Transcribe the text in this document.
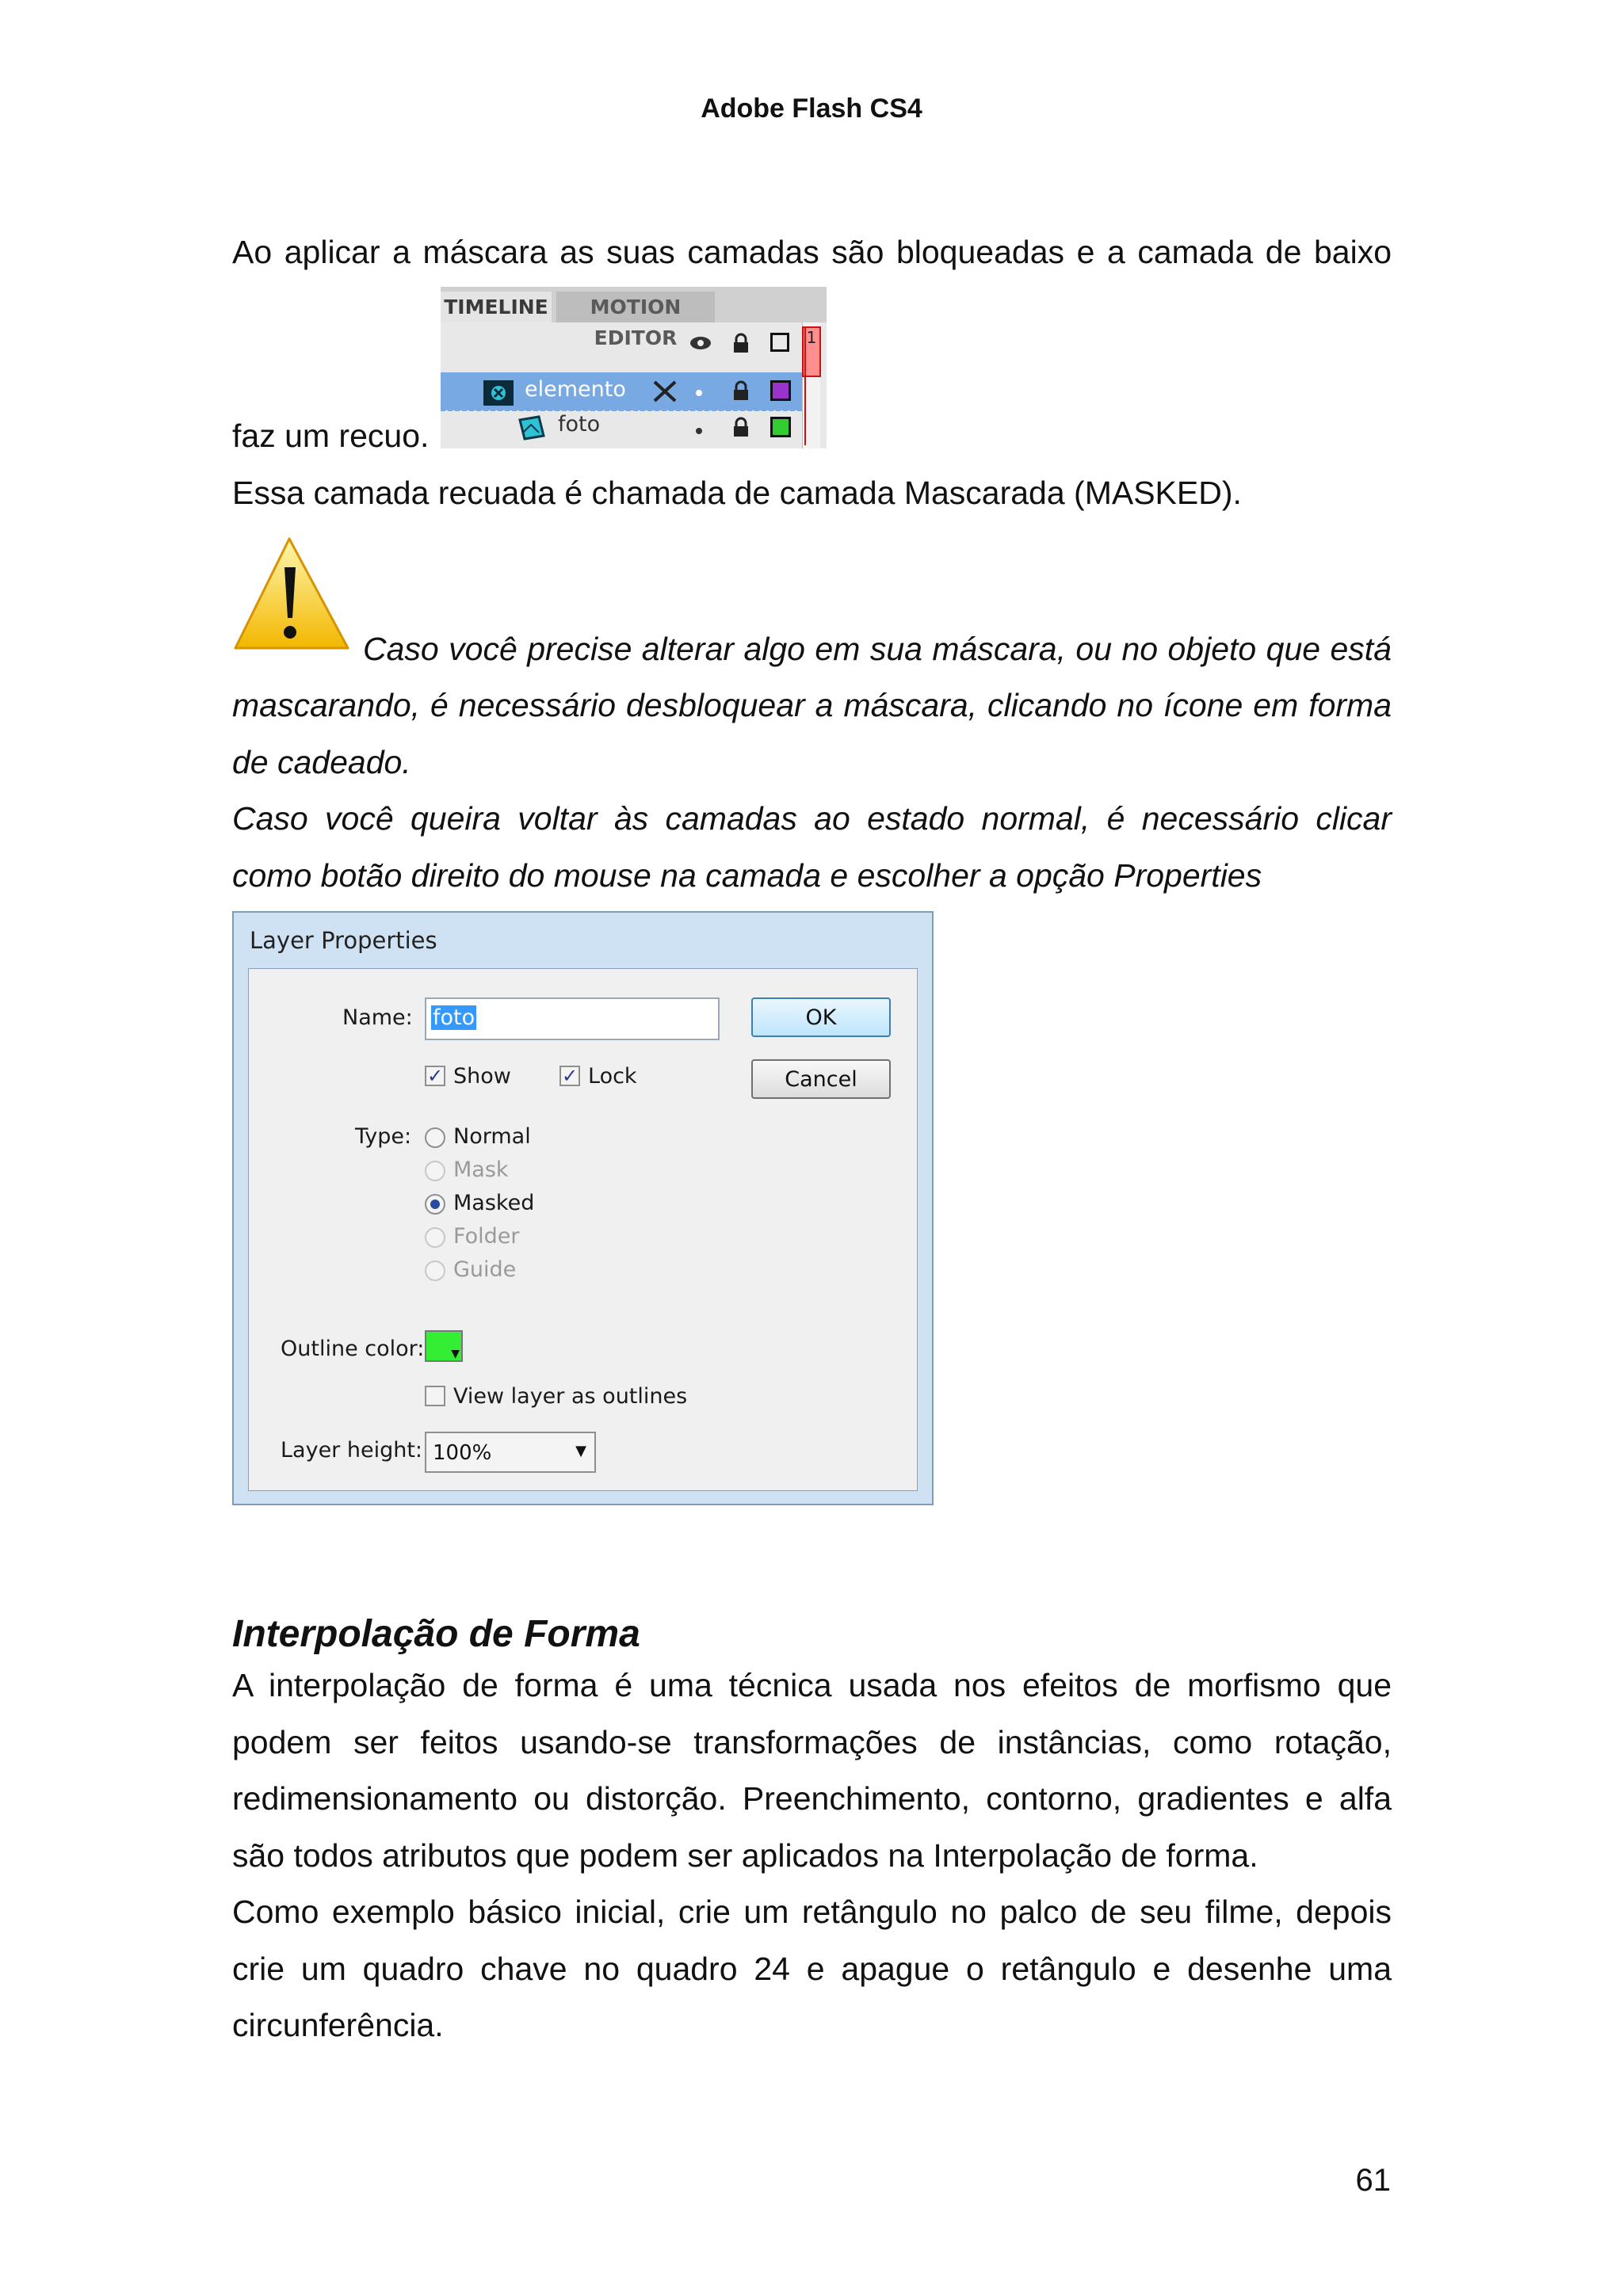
Adobe Flash CS4

Ao aplicar a máscara as suas camadas são bloqueadas e a camada de baixo

faz um recuo.
TIMELINE	MOTION EDITOR
elemento
foto
1
Essa camada recuada é chamada de camada Mascarada (MASKED).
Caso você precise alterar algo em sua máscara, ou no objeto que está

mascarando, é necessário desbloquear a máscara, clicando no ícone em forma

de cadeado.

Caso você queira voltar às camadas ao estado normal, é necessário clicar

como botão direito do mouse na camada e escolher a opção Properties

Layer Properties
Name: foto	OK
Cancel
✓ Show	✓ Lock
Type: Normal
Mask
Masked
Folder
Guide
Outline color: ▼
View layer as outlines
Layer height: 100%	▼
Interpolação de Forma

A interpolação de forma é uma técnica usada nos efeitos de morfismo que

podem ser feitos usando-se transformações de instâncias, como rotação,

redimensionamento ou distorção. Preenchimento, contorno, gradientes e alfa

são todos atributos que podem ser aplicados na Interpolação de forma.

Como exemplo básico inicial, crie um retângulo no palco de seu filme, depois

crie um quadro chave no quadro 24 e apague o retângulo e desenhe uma

circunferência.

61
